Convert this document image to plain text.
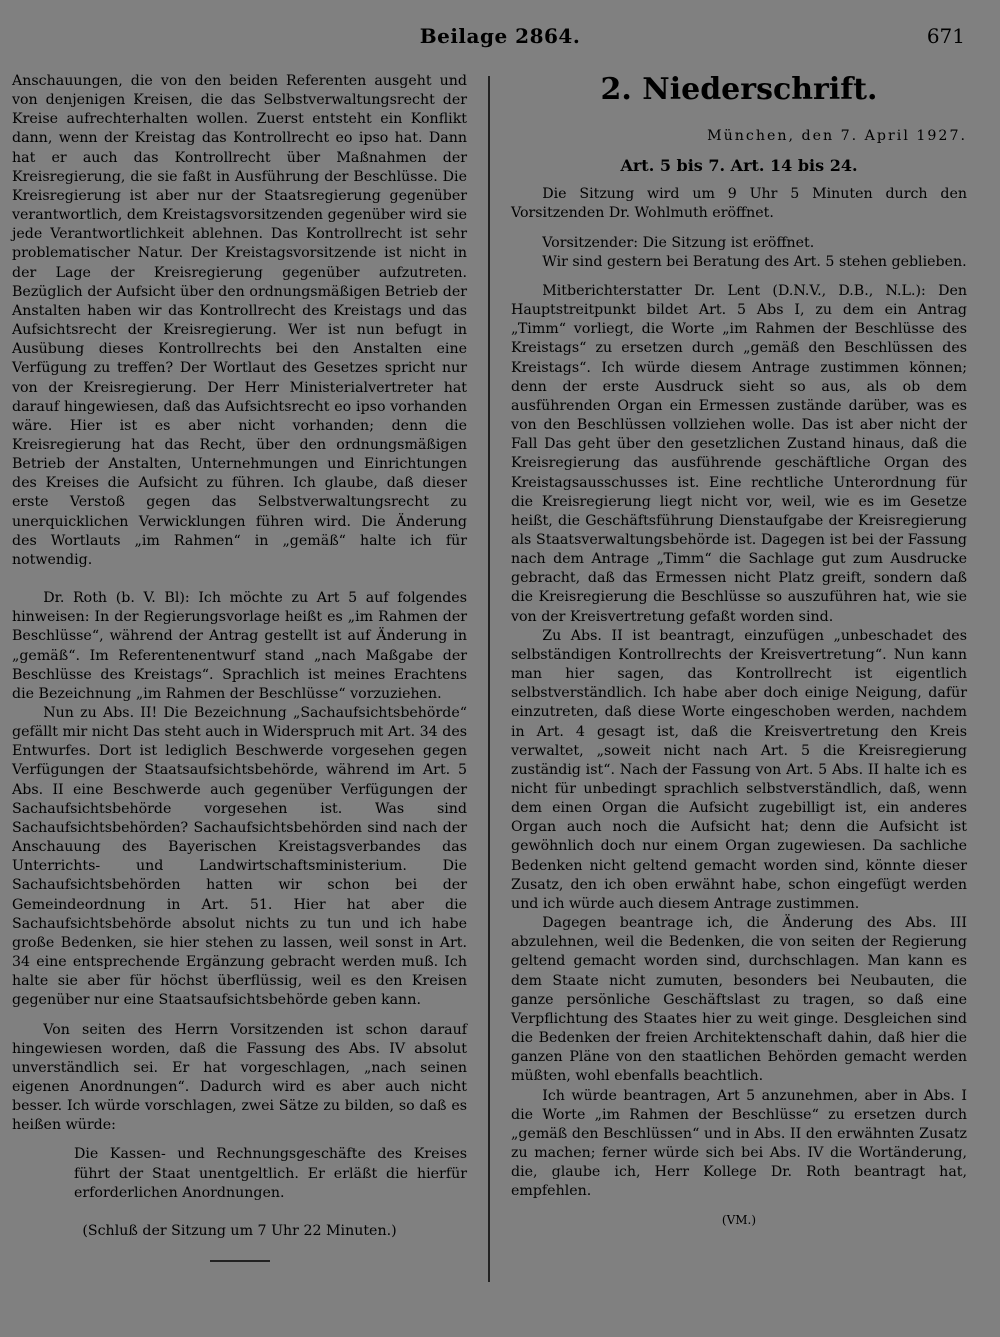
Beilage 2864.	671

Anschauungen, die von den beiden Referenten ausgeht und von denjenigen Kreisen, die das Selbstverwaltungsrecht der Kreise aufrechterhalten wollen. Zuerst entsteht ein Konflikt dann, wenn der Kreistag das Kontrollrecht eo ipso hat. Dann hat er auch das Kontrollrecht über Maßnahmen der Kreisregierung, die sie faßt in Ausführung der Beschlüsse. Die Kreisregierung ist aber nur der Staatsregierung gegenüber verantwortlich, dem Kreistagsvorsitzenden gegenüber wird sie jede Verantwortlichkeit ablehnen. Das Kontrollrecht ist sehr problematischer Natur. Der Kreistagsvorsitzende ist nicht in der Lage der Kreisregierung gegenüber aufzutreten. Bezüglich der Aufsicht über den ordnungsmäßigen Betrieb der Anstalten haben wir das Kontrollrecht des Kreistags und das Aufsichtsrecht der Kreisregierung. Wer ist nun befugt in Ausübung dieses Kontrollrechts bei den Anstalten eine Verfügung zu treffen? Der Wortlaut des Gesetzes spricht nur von der Kreisregierung. Der Herr Ministerialvertreter hat darauf hingewiesen, daß das Aufsichtsrecht eo ipso vorhanden wäre. Hier ist es aber nicht vorhanden; denn die Kreisregierung hat das Recht, über den ordnungsmäßigen Betrieb der Anstalten, Unternehmungen und Einrichtungen des Kreises die Aufsicht zu führen. Ich glaube, daß dieser erste Verstoß gegen das Selbstverwaltungsrecht zu unerquicklichen Verwicklungen führen wird. Die Änderung des Wortlauts „im Rahmen“ in „gemäß“ halte ich für notwendig.

Dr. Roth (b. V. Bl): Ich möchte zu Art 5 auf folgendes hinweisen: In der Regierungsvorlage heißt es „im Rahmen der Beschlüsse“, während der Antrag gestellt ist auf Änderung in „gemäß“. Im Referentenentwurf stand „nach Maßgabe der Beschlüsse des Kreistags“. Sprachlich ist meines Erachtens die Bezeichnung „im Rahmen der Beschlüsse“ vorzuziehen.

Nun zu Abs. II! Die Bezeichnung „Sachaufsichtsbehörde“ gefällt mir nicht Das steht auch in Widerspruch mit Art. 34 des Entwurfes. Dort ist lediglich Beschwerde vorgesehen gegen Verfügungen der Staatsaufsichtsbehörde, während im Art. 5 Abs. II eine Beschwerde auch gegenüber Verfügungen der Sachaufsichtsbehörde vorgesehen ist. Was sind Sachaufsichtsbehörden? Sachaufsichtsbehörden sind nach der Anschauung des Bayerischen Kreistagsverbandes das Unterrichts- und Landwirtschaftsministerium. Die Sachaufsichtsbehörden hatten wir schon bei der Gemeindeordnung in Art. 51. Hier hat aber die Sachaufsichtsbehörde absolut nichts zu tun und ich habe große Bedenken, sie hier stehen zu lassen, weil sonst in Art. 34 eine entsprechende Ergänzung gebracht werden muß. Ich halte sie aber für höchst überflüssig, weil es den Kreisen gegenüber nur eine Staatsaufsichtsbehörde geben kann.

Von seiten des Herrn Vorsitzenden ist schon darauf hingewiesen worden, daß die Fassung des Abs. IV absolut unverständlich sei. Er hat vorgeschlagen, „nach seinen eigenen Anordnungen“. Dadurch wird es aber auch nicht besser. Ich würde vorschlagen, zwei Sätze zu bilden, so daß es heißen würde:

Die Kassen- und Rechnungsgeschäfte des Kreises führt der Staat unentgeltlich. Er erläßt die hierfür erforderlichen Anordnungen.

(Schluß der Sitzung um 7 Uhr 22 Minuten.)

2. Niederschrift.

München, den 7. April 1927.

Art. 5 bis 7. Art. 14 bis 24.

Die Sitzung wird um 9 Uhr 5 Minuten durch den Vorsitzenden Dr. Wohlmuth eröffnet.

Vorsitzender: Die Sitzung ist eröffnet.

Wir sind gestern bei Beratung des Art. 5 stehen geblieben.

Mitberichterstatter Dr. Lent (D.N.V., D.B., N.L.): Den Hauptstreitpunkt bildet Art. 5 Abs I, zu dem ein Antrag „Timm“ vorliegt, die Worte „im Rahmen der Beschlüsse des Kreistags“ zu ersetzen durch „gemäß den Beschlüssen des Kreistags“. Ich würde diesem Antrage zustimmen können; denn der erste Ausdruck sieht so aus, als ob dem ausführenden Organ ein Ermessen zustände darüber, was es von den Beschlüssen vollziehen wolle. Das ist aber nicht der Fall Das geht über den gesetzlichen Zustand hinaus, daß die Kreisregierung das ausführende geschäftliche Organ des Kreistagsausschusses ist. Eine rechtliche Unterordnung für die Kreisregierung liegt nicht vor, weil, wie es im Gesetze heißt, die Geschäftsführung Dienstaufgabe der Kreisregierung als Staatsverwaltungsbehörde ist. Dagegen ist bei der Fassung nach dem Antrage „Timm“ die Sachlage gut zum Ausdrucke gebracht, daß das Ermessen nicht Platz greift, sondern daß die Kreisregierung die Beschlüsse so auszuführen hat, wie sie von der Kreisvertretung gefaßt worden sind.

Zu Abs. II ist beantragt, einzufügen „unbeschadet des selbständigen Kontrollrechts der Kreisvertretung“. Nun kann man hier sagen, das Kontrollrecht ist eigentlich selbstverständlich. Ich habe aber doch einige Neigung, dafür einzutreten, daß diese Worte eingeschoben werden, nachdem in Art. 4 gesagt ist, daß die Kreisvertretung den Kreis verwaltet, „soweit nicht nach Art. 5 die Kreisregierung zuständig ist“. Nach der Fassung von Art. 5 Abs. II halte ich es nicht für unbedingt sprachlich selbstverständlich, daß, wenn dem einen Organ die Aufsicht zugebilligt ist, ein anderes Organ auch noch die Aufsicht hat; denn die Aufsicht ist gewöhnlich doch nur einem Organ zugewiesen. Da sachliche Bedenken nicht geltend gemacht worden sind, könnte dieser Zusatz, den ich oben erwähnt habe, schon eingefügt werden und ich würde auch diesem Antrage zustimmen.

Dagegen beantrage ich, die Änderung des Abs. III abzulehnen, weil die Bedenken, die von seiten der Regierung geltend gemacht worden sind, durchschlagen. Man kann es dem Staate nicht zumuten, besonders bei Neubauten, die ganze persönliche Geschäftslast zu tragen, so daß eine Verpflichtung des Staates hier zu weit ginge. Desgleichen sind die Bedenken der freien Architektenschaft dahin, daß hier die ganzen Pläne von den staatlichen Behörden gemacht werden müßten, wohl ebenfalls beachtlich.

Ich würde beantragen, Art 5 anzunehmen, aber in Abs. I die Worte „im Rahmen der Beschlüsse“ zu ersetzen durch „gemäß den Beschlüssen“ und in Abs. II den erwähnten Zusatz zu machen; ferner würde sich bei Abs. IV die Wortänderung, die, glaube ich, Herr Kollege Dr. Roth beantragt hat, empfehlen.

(VM.)
